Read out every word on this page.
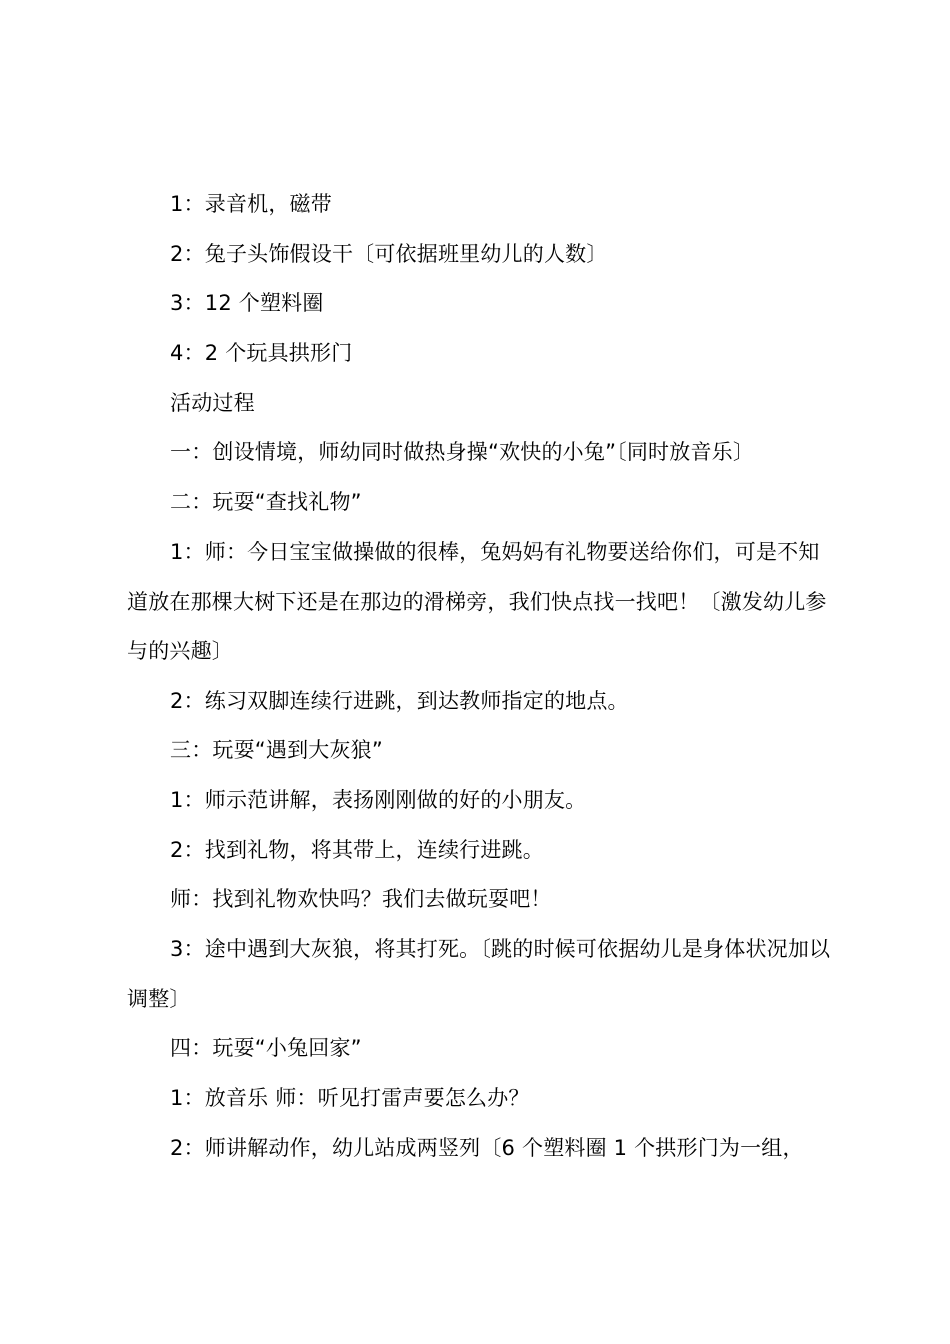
1：录音机，磁带

2：兔子头饰假设干〔可依据班里幼儿的人数〕

3：12 个塑料圈

4：2 个玩具拱形门

活动过程

一：创设情境，师幼同时做热身操“欢快的小兔”〔同时放音乐〕

二：玩耍“查找礼物”

1：师：今日宝宝做操做的很棒，兔妈妈有礼物要送给你们，可是不知道放在那棵大树下还是在那边的滑梯旁，我们快点找一找吧！〔激发幼儿参与的兴趣〕

2：练习双脚连续行进跳，到达教师指定的地点。

三：玩耍“遇到大灰狼”

1：师示范讲解，表扬刚刚做的好的小朋友。

2：找到礼物，将其带上，连续行进跳。

师：找到礼物欢快吗？我们去做玩耍吧！

3：途中遇到大灰狼，将其打死。〔跳的时候可依据幼儿是身体状况加以调整〕

四：玩耍“小兔回家”

1：放音乐 师：听见打雷声要怎么办？

2：师讲解动作，幼儿站成两竖列〔6 个塑料圈 1 个拱形门为一组，
